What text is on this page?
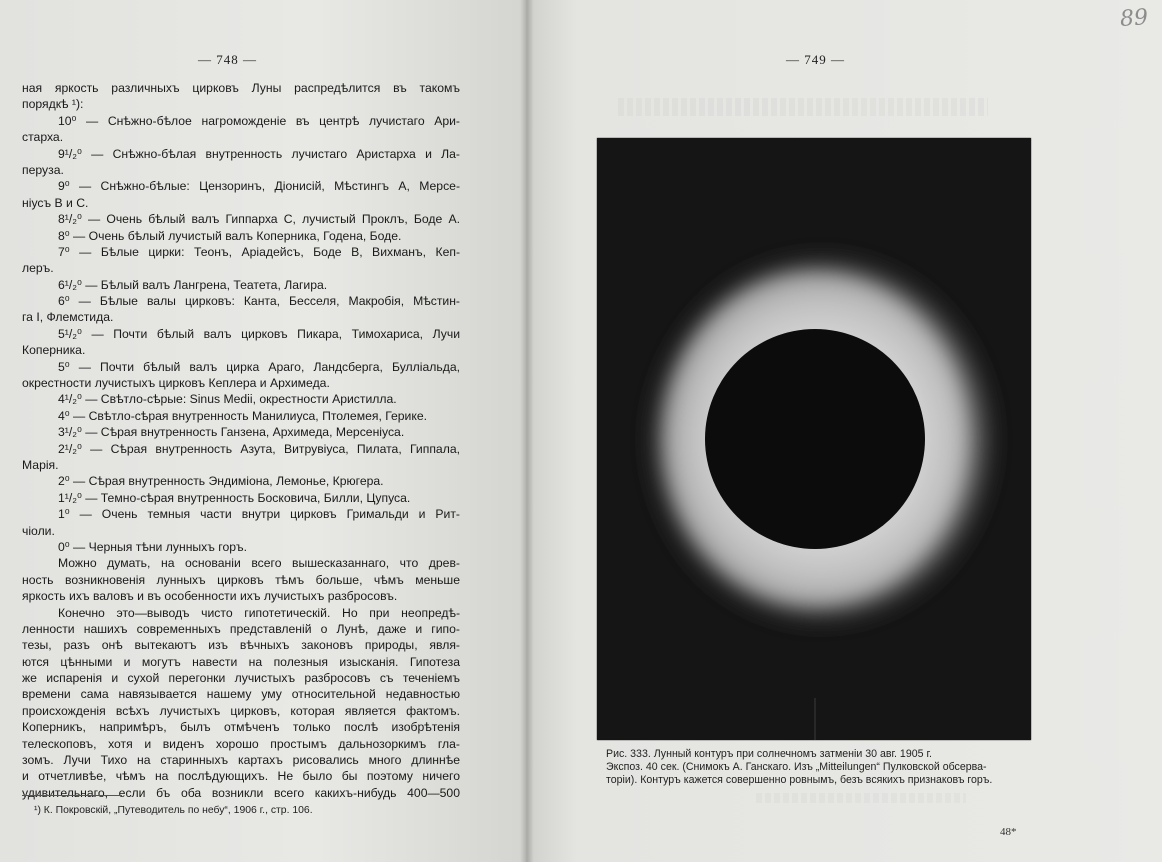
— 748 —
ная яркость различныхъ цирковъ Луны распредѣлится въ такомъ
порядкѣ ¹):
10⁰ — Снѣжно-бѣлое нагроможденіе въ центрѣ лучистаго Ари-
старха.
9¹/₂⁰ — Снѣжно-бѣлая внутренность лучистаго Аристарха и Ла-
перуза.
9⁰ — Снѣжно-бѣлые: Цензоринъ, Діонисій, Мѣстингъ A, Мерсе-
ніусъ B и C.
8¹/₂⁰ — Очень бѣлый валъ Гиппарха C, лучистый Проклъ, Боде A.
8⁰ — Очень бѣлый лучистый валъ Коперника, Годена, Боде.
7⁰ — Бѣлые цирки: Теонъ, Аріадейсъ, Боде B, Вихманъ, Кеп-
леръ.
6¹/₂⁰ — Бѣлый валъ Лангрена, Театета, Лагира.
6⁰ — Бѣлые валы цирковъ: Канта, Бесселя, Макробія, Мѣстин-
га I, Флемстида.
5¹/₂⁰ — Почти бѣлый валъ цирковъ Пикара, Тимохариса, Лучи
Коперника.
5⁰ — Почти бѣлый валъ цирка Араго, Ландсберга, Булліальда,
окрестности лучистыхъ цирковъ Кеплера и Архимеда.
4¹/₂⁰ — Свѣтло-сѣрые: Sinus Medii, окрестности Аристилла.
4⁰ — Свѣтло-сѣрая внутренность Манилиуса, Птолемея, Герике.
3¹/₂⁰ — Сѣрая внутренность Ганзена, Архимеда, Мерсеніуса.
2¹/₂⁰ — Сѣрая внутренность Азута, Витрувіуса, Пилата, Гиппала,
Марія.
2⁰ — Сѣрая внутренность Эндиміона, Лемонье, Крюгера.
1¹/₂⁰ — Темно-сѣрая внутренность Босковича, Билли, Цупуса.
1⁰ — Очень темныя части внутри цирковъ Гримальди и Рит-
чіоли.
0⁰ — Черныя тѣни лунныхъ горъ.
Можно думать, на основаніи всего вышесказаннаго, что древ-
ность возникновенія лунныхъ цирковъ тѣмъ больше, чѣмъ меньше
яркость ихъ валовъ и въ особенности ихъ лучистыхъ разбросовъ.
Конечно это—выводъ чисто гипотетическій. Но при неопредѣ-
ленности нашихъ современныхъ представленій о Лунѣ, даже и гипо-
тезы, разъ онѣ вытекаютъ изъ вѣчныхъ законовъ природы, явля-
ются цѣнными и могутъ навести на полезныя изысканія. Гипотеза
же испаренія и сухой перегонки лучистыхъ разбросовъ съ теченіемъ
времени сама навязывается нашему уму относительной недавностью
происхожденія всѣхъ лучистыхъ цирковъ, которая является фактомъ.
Коперникъ, напримѣръ, былъ отмѣченъ только послѣ изобрѣтенія
телескоповъ, хотя и виденъ хорошо простымъ дальнозоркимъ гла-
зомъ. Лучи Тихо на старинныхъ картахъ рисовались много длиннѣе
и отчетливѣе, чѣмъ на послѣдующихъ. Не было бы поэтому ничего
удивительнаго, если бъ оба возникли всего какихъ-нибудь 400—500
¹) К. Покровскій, „Путеводитель по небу“, 1906 г., стр. 106.
89
— 749 —
Рис. 333. Лунный контуръ при солнечномъ затменіи 30 авг. 1905 г.
Экспоз. 40 сек. (Снимокъ А. Ганскаго. Изъ „Mitteilungen“ Пулковской обсерва-
торіи). Контуръ кажется совершенно ровнымъ, безъ всякихъ признаковъ горъ.
48*
